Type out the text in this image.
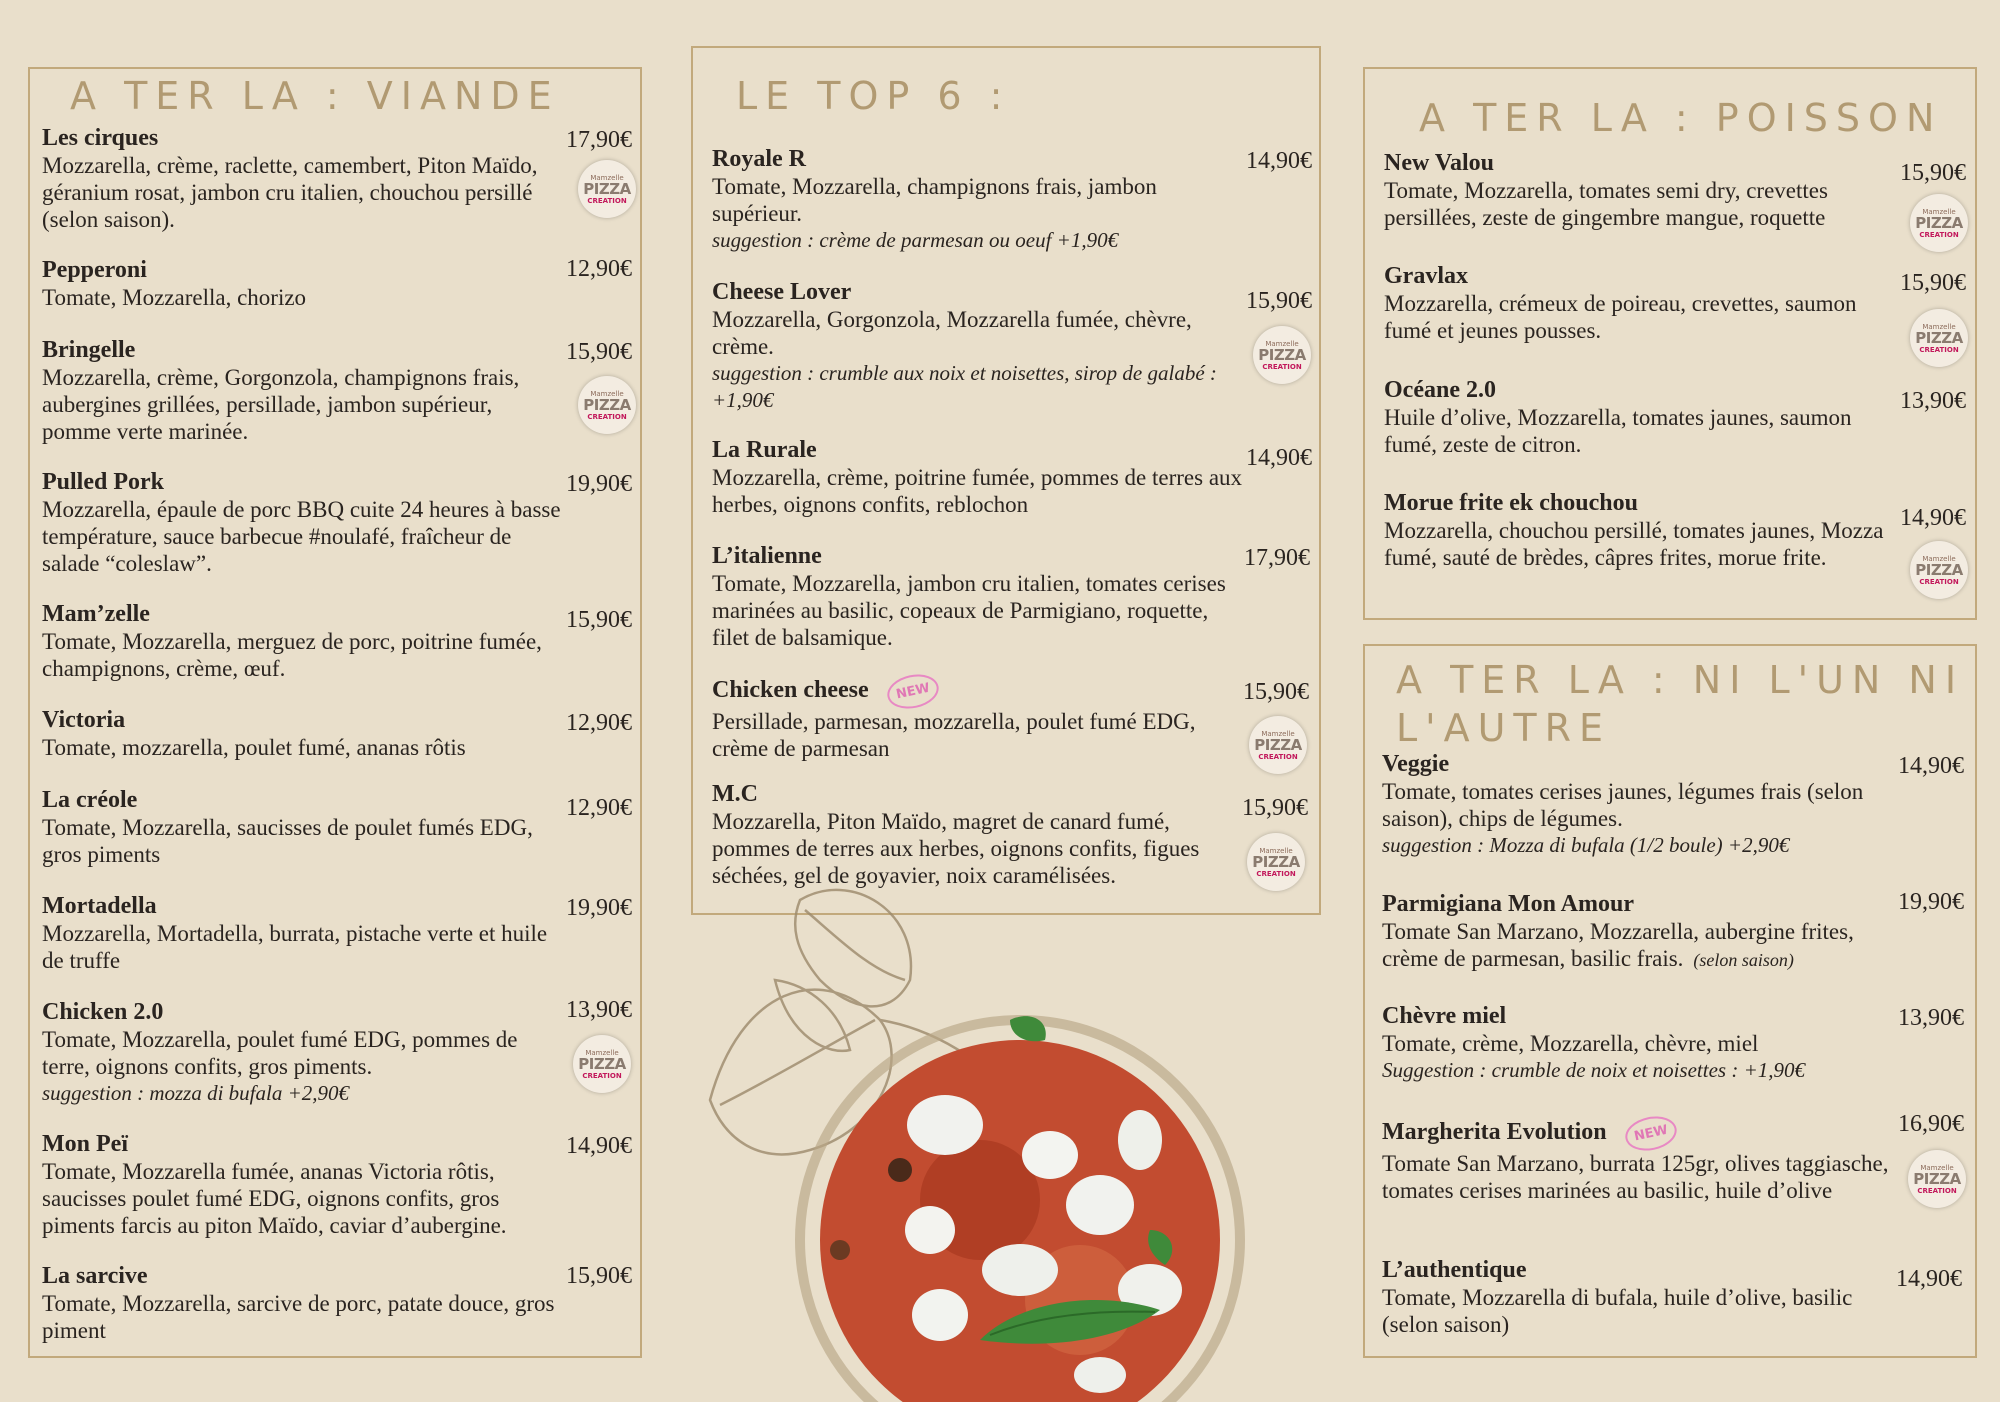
A TER LA : VIANDE
Les cirques
Mozzarella, crème, raclette, camembert, Piton Maïdo, géranium rosat, jambon cru italien, chouchou persillé (selon saison).
17,90€
Mamzelle
PIZZA
CREATION
Pepperoni
Tomate, Mozzarella, chorizo
12,90€
Bringelle
Mozzarella, crème, Gorgonzola, champignons frais, aubergines grillées, persillade, jambon supérieur, pomme verte marinée.
15,90€
Mamzelle
PIZZA
CREATION
Pulled Pork
Mozzarella, épaule de porc BBQ cuite 24 heures à basse température, sauce barbecue #noulafé, fraîcheur de salade “coleslaw”.
19,90€
Mam’zelle
Tomate, Mozzarella, merguez de porc, poitrine fumée, champignons, crème, œuf.
15,90€
Victoria
Tomate, mozzarella, poulet fumé, ananas rôtis
12,90€
La créole
Tomate, Mozzarella, saucisses de poulet fumés EDG, gros piments
12,90€
Mortadella
Mozzarella, Mortadella, burrata, pistache verte et huile de truffe
19,90€
Chicken 2.0
Tomate, Mozzarella, poulet fumé EDG, pommes de terre, oignons confits, gros piments.
suggestion : mozza di bufala +2,90€
13,90€
Mamzelle
PIZZA
CREATION
Mon Peï
Tomate, Mozzarella fumée, ananas Victoria rôtis, saucisses poulet fumé EDG, oignons confits, gros piments farcis au piton Maïdo, caviar d’aubergine.
14,90€
La sarcive
Tomate, Mozzarella, sarcive de porc, patate douce, gros piment
15,90€
LE TOP 6 :
Royale R
Tomate, Mozzarella, champignons frais, jambon supérieur.
suggestion : crème de parmesan ou oeuf +1,90€
14,90€
Cheese Lover
Mozzarella, Gorgonzola, Mozzarella fumée, chèvre, crème.
suggestion : crumble aux noix et noisettes, sirop de galabé : +1,90€
15,90€
Mamzelle
PIZZA
CREATION
La Rurale
Mozzarella, crème, poitrine fumée, pommes de terres aux herbes, oignons confits, reblochon
14,90€
L’italienne
Tomate, Mozzarella, jambon cru italien, tomates cerises marinées au basilic, copeaux de Parmigiano, roquette, filet de balsamique.
17,90€
Chicken cheese NEW
Persillade, parmesan, mozzarella, poulet fumé EDG, crème de parmesan
15,90€
Mamzelle
PIZZA
CREATION
M.C
Mozzarella, Piton Maïdo, magret de canard fumé, pommes de terres aux herbes, oignons confits, figues séchées, gel de goyavier, noix caramélisées.
15,90€
Mamzelle
PIZZA
CREATION
A TER LA : POISSON
New Valou
Tomate, Mozzarella, tomates semi dry, crevettes persillées, zeste de gingembre mangue, roquette
15,90€
Mamzelle
PIZZA
CREATION
Gravlax
Mozzarella, crémeux de poireau, crevettes, saumon fumé et jeunes pousses.
15,90€
Mamzelle
PIZZA
CREATION
Océane 2.0
Huile d’olive, Mozzarella, tomates jaunes, saumon fumé, zeste de citron.
13,90€
Morue frite ek chouchou
Mozzarella, chouchou persillé, tomates jaunes, Mozza fumé, sauté de brèdes, câpres frites, morue frite.
14,90€
Mamzelle
PIZZA
CREATION
A TER LA : NI L'UN NI
L'AUTRE
Veggie
Tomate, tomates cerises jaunes, légumes frais (selon saison), chips de légumes.
suggestion : Mozza di bufala (1/2 boule) +2,90€
14,90€
Parmigiana Mon Amour
Tomate San Marzano, Mozzarella, aubergine frites, crème de parmesan, basilic frais. (selon saison)
19,90€
Chèvre miel
Tomate, crème, Mozzarella, chèvre, miel
Suggestion : crumble de noix et noisettes : +1,90€
13,90€
Margherita Evolution NEW
Tomate San Marzano, burrata 125gr, olives taggiasche, tomates cerises marinées au basilic, huile d’olive
16,90€
Mamzelle
PIZZA
CREATION
L’authentique
Tomate, Mozzarella di bufala, huile d’olive, basilic (selon saison)
14,90€
